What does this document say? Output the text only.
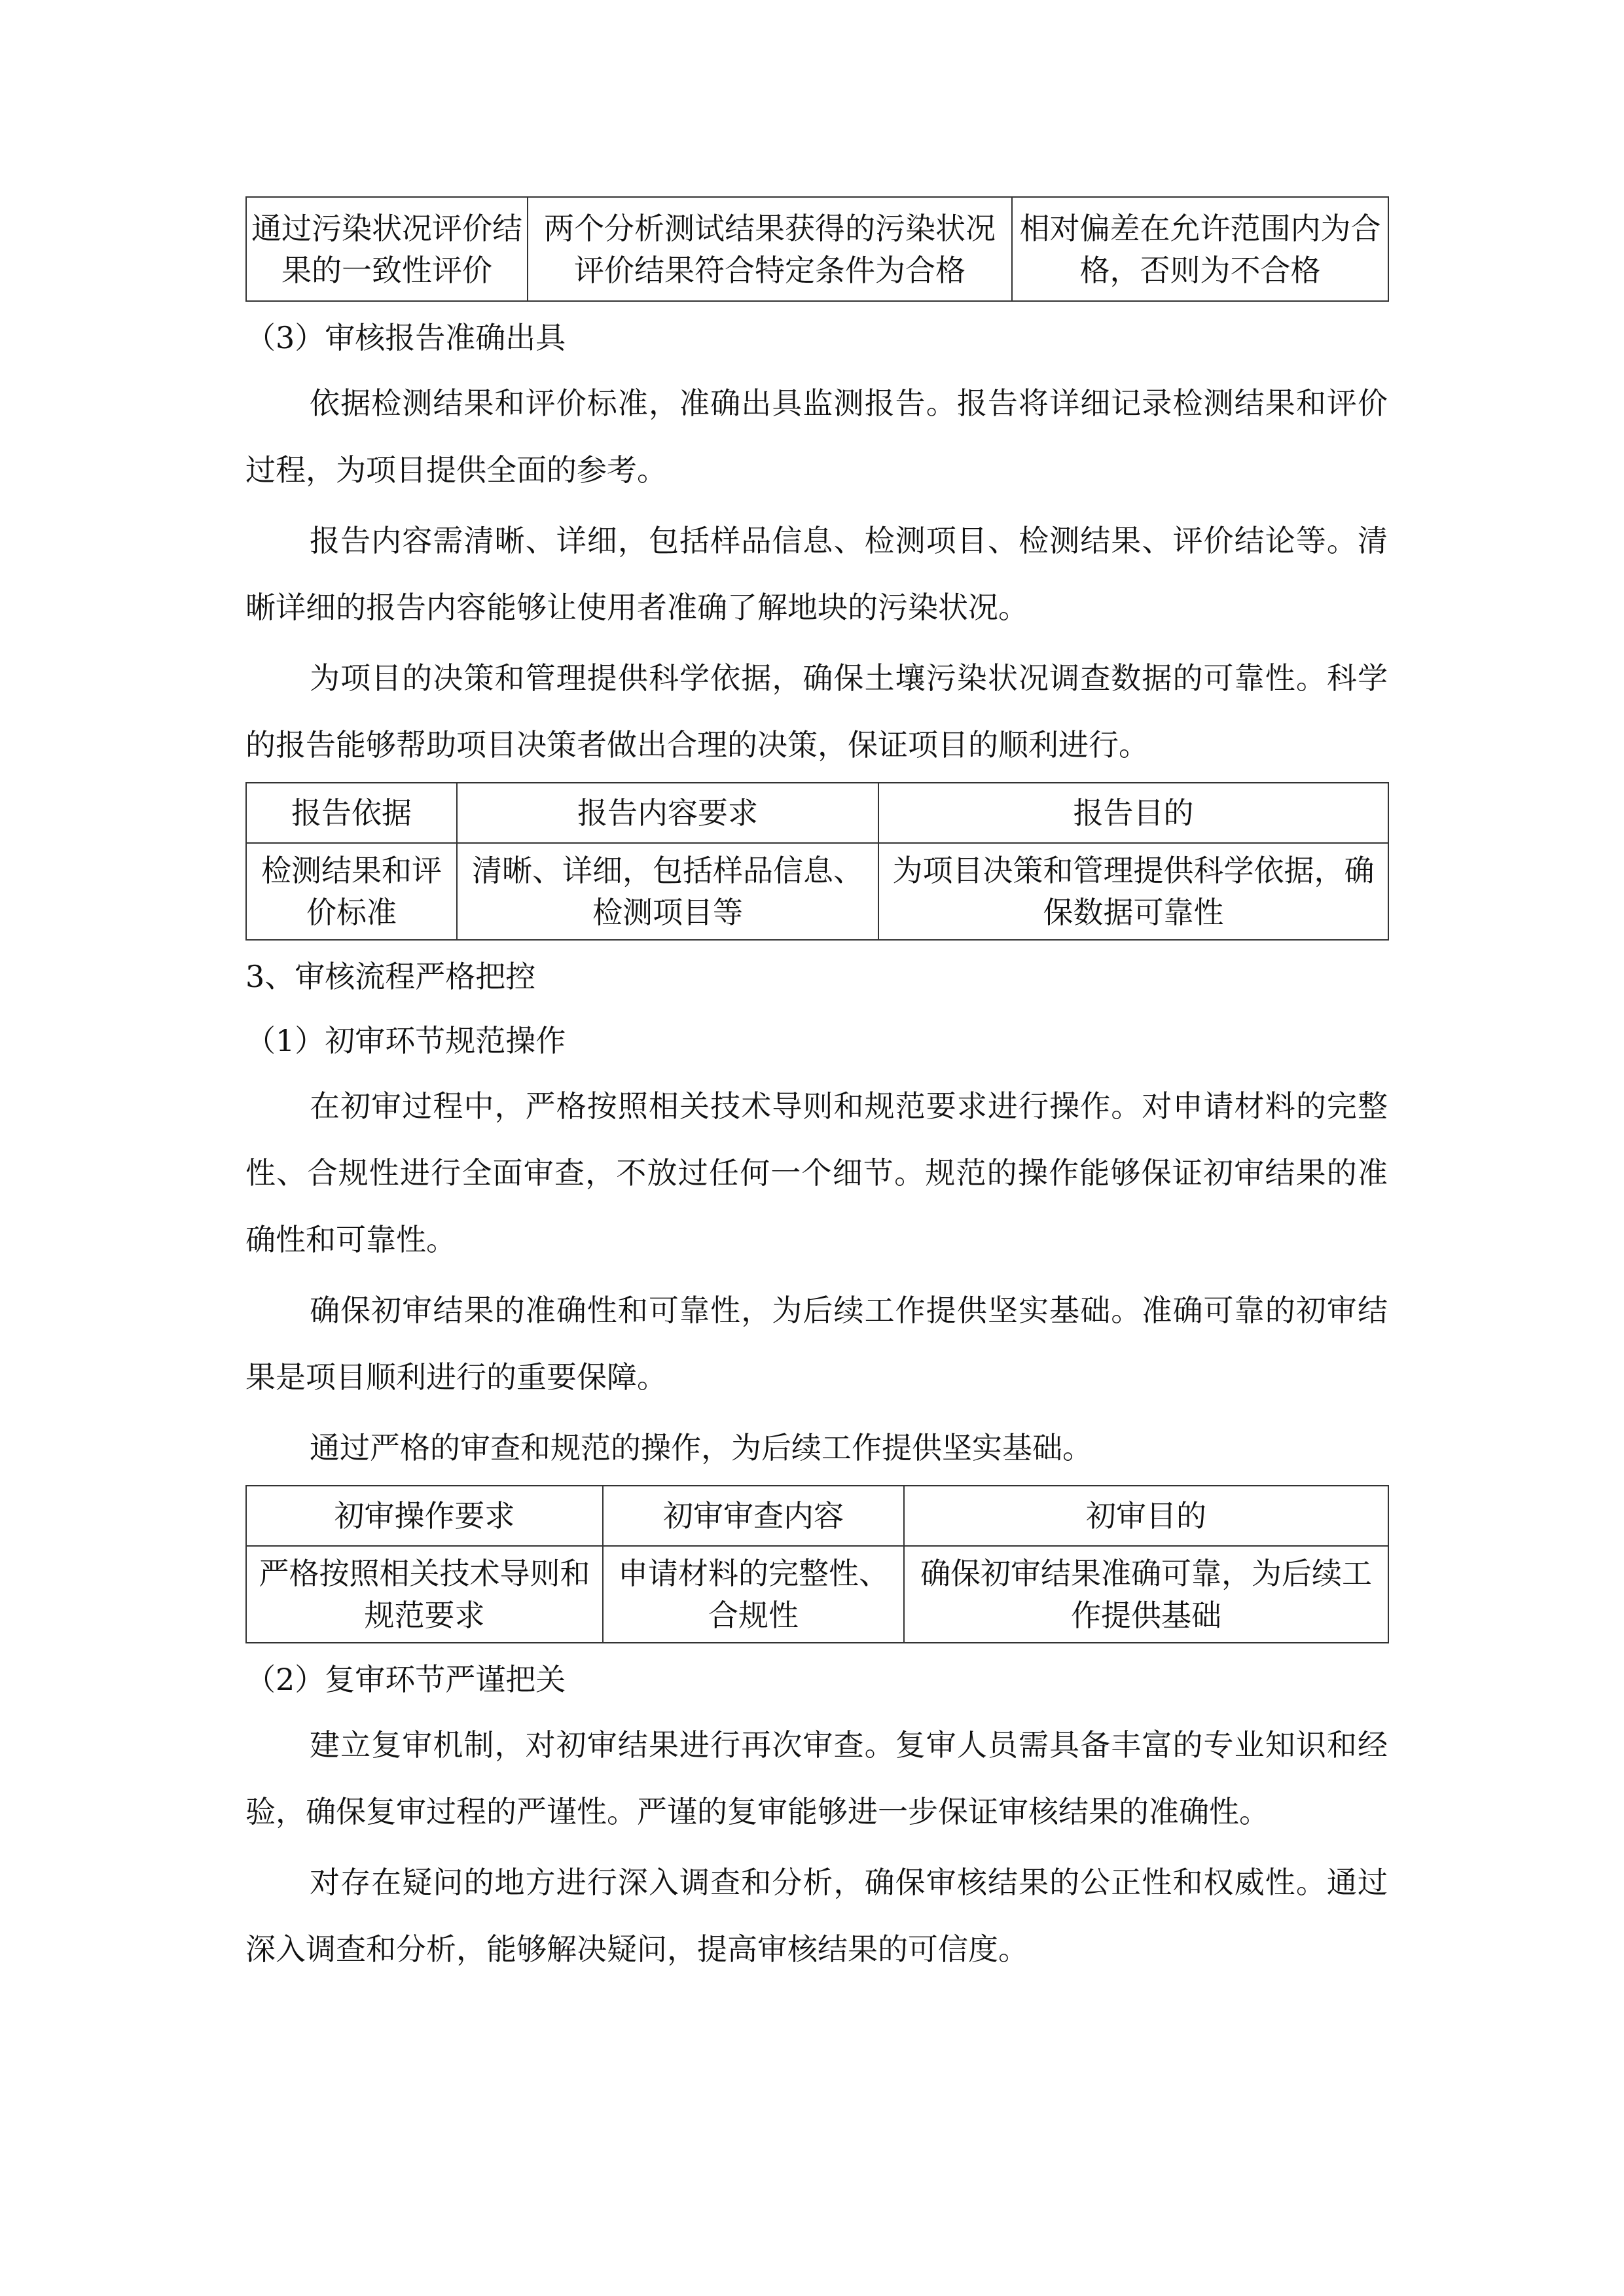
通过污染状况评价结果的一致性评价	两个分析测试结果获得的污染状况评价结果符合特定条件为合格	相对偏差在允许范围内为合格，否则为不合格

（3）审核报告准确出具

依据检测结果和评价标准，准确出具监测报告。报告将详细记录检测结果和评价过程，为项目提供全面的参考。

报告内容需清晰、详细，包括样品信息、检测项目、检测结果、评价结论等。清晰详细的报告内容能够让使用者准确了解地块的污染状况。

为项目的决策和管理提供科学依据，确保土壤污染状况调查数据的可靠性。科学的报告能够帮助项目决策者做出合理的决策，保证项目的顺利进行。

报告依据	报告内容要求	报告目的
检测结果和评价标准	清晰、详细，包括样品信息、检测项目等	为项目决策和管理提供科学依据，确保数据可靠性

3、审核流程严格把控

（1）初审环节规范操作

在初审过程中，严格按照相关技术导则和规范要求进行操作。对申请材料的完整性、合规性进行全面审查，不放过任何一个细节。规范的操作能够保证初审结果的准确性和可靠性。

确保初审结果的准确性和可靠性，为后续工作提供坚实基础。准确可靠的初审结果是项目顺利进行的重要保障。

通过严格的审查和规范的操作，为后续工作提供坚实基础。

初审操作要求	初审审查内容	初审目的
严格按照相关技术导则和规范要求	申请材料的完整性、合规性	确保初审结果准确可靠，为后续工作提供基础

（2）复审环节严谨把关

建立复审机制，对初审结果进行再次审查。复审人员需具备丰富的专业知识和经验，确保复审过程的严谨性。严谨的复审能够进一步保证审核结果的准确性。

对存在疑问的地方进行深入调查和分析，确保审核结果的公正性和权威性。通过深入调查和分析，能够解决疑问，提高审核结果的可信度。
